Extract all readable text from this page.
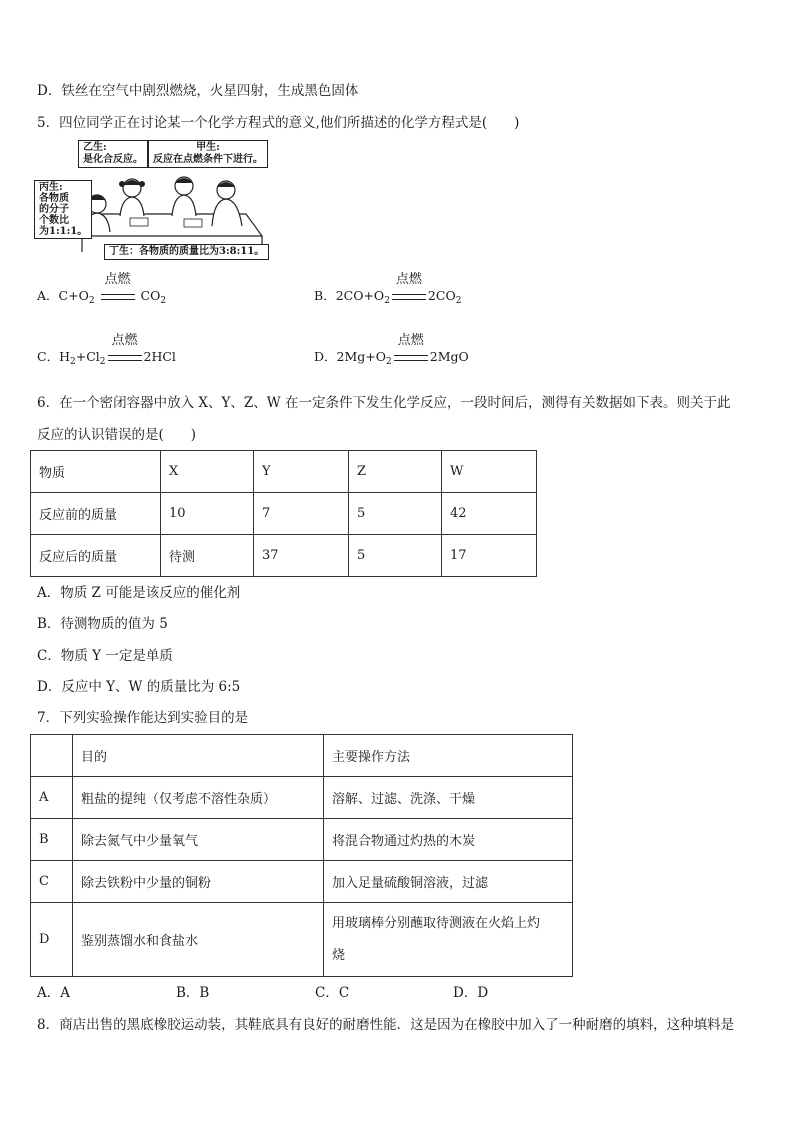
D．铁丝在空气中剧烈燃烧，火星四射，生成黑色固体
5．四位同学正在讨论某一个化学方程式的意义,他们所描述的化学方程式是(　　)
乙生:
是化合反应。
甲生:
反应在点燃条件下进行。
丙生:
各物质
的分子
个数比
为1:1:1。
丁生：各物质的质量比为3:8:11。
A．$C+O_2$
点燃
$CO_2$	B．$2CO+O_2$
点燃
$2CO_2$
C．$H_2+Cl_2$
点燃
2HCl	D．$2Mg+O_2$
点燃
2MgO
6．在一个密闭容器中放入 X、Y、Z、W 在一定条件下发生化学反应，一段时间后，测得有关数据如下表。则关于此
反应的认识错误的是(　　)
物质	X	Y	Z	W
反应前的质量	10	7	5	42
反应后的质量	待测	37	5	17
A．物质 Z 可能是该反应的催化剂
B．待测物质的值为 5
C．物质 Y 一定是单质
D．反应中 Y、W 的质量比为 6:5
7．下列实验操作能达到实验目的是
	目的	主要操作方法
A	粗盐的提纯（仅考虑不溶性杂质）	溶解、过滤、洗涤、干燥
B	除去氮气中少量氧气	将混合物通过灼热的木炭
C	除去铁粉中少量的铜粉	加入足量硫酸铜溶液，过滤
D	鉴别蒸馏水和食盐水	用玻璃棒分别蘸取待测液在火焰上灼
烧
A．A	B．B	C．C	D．D
8．商店出售的黑底橡胶运动装，其鞋底具有良好的耐磨性能．这是因为在橡胶中加入了一种耐磨的填料，这种填料是
